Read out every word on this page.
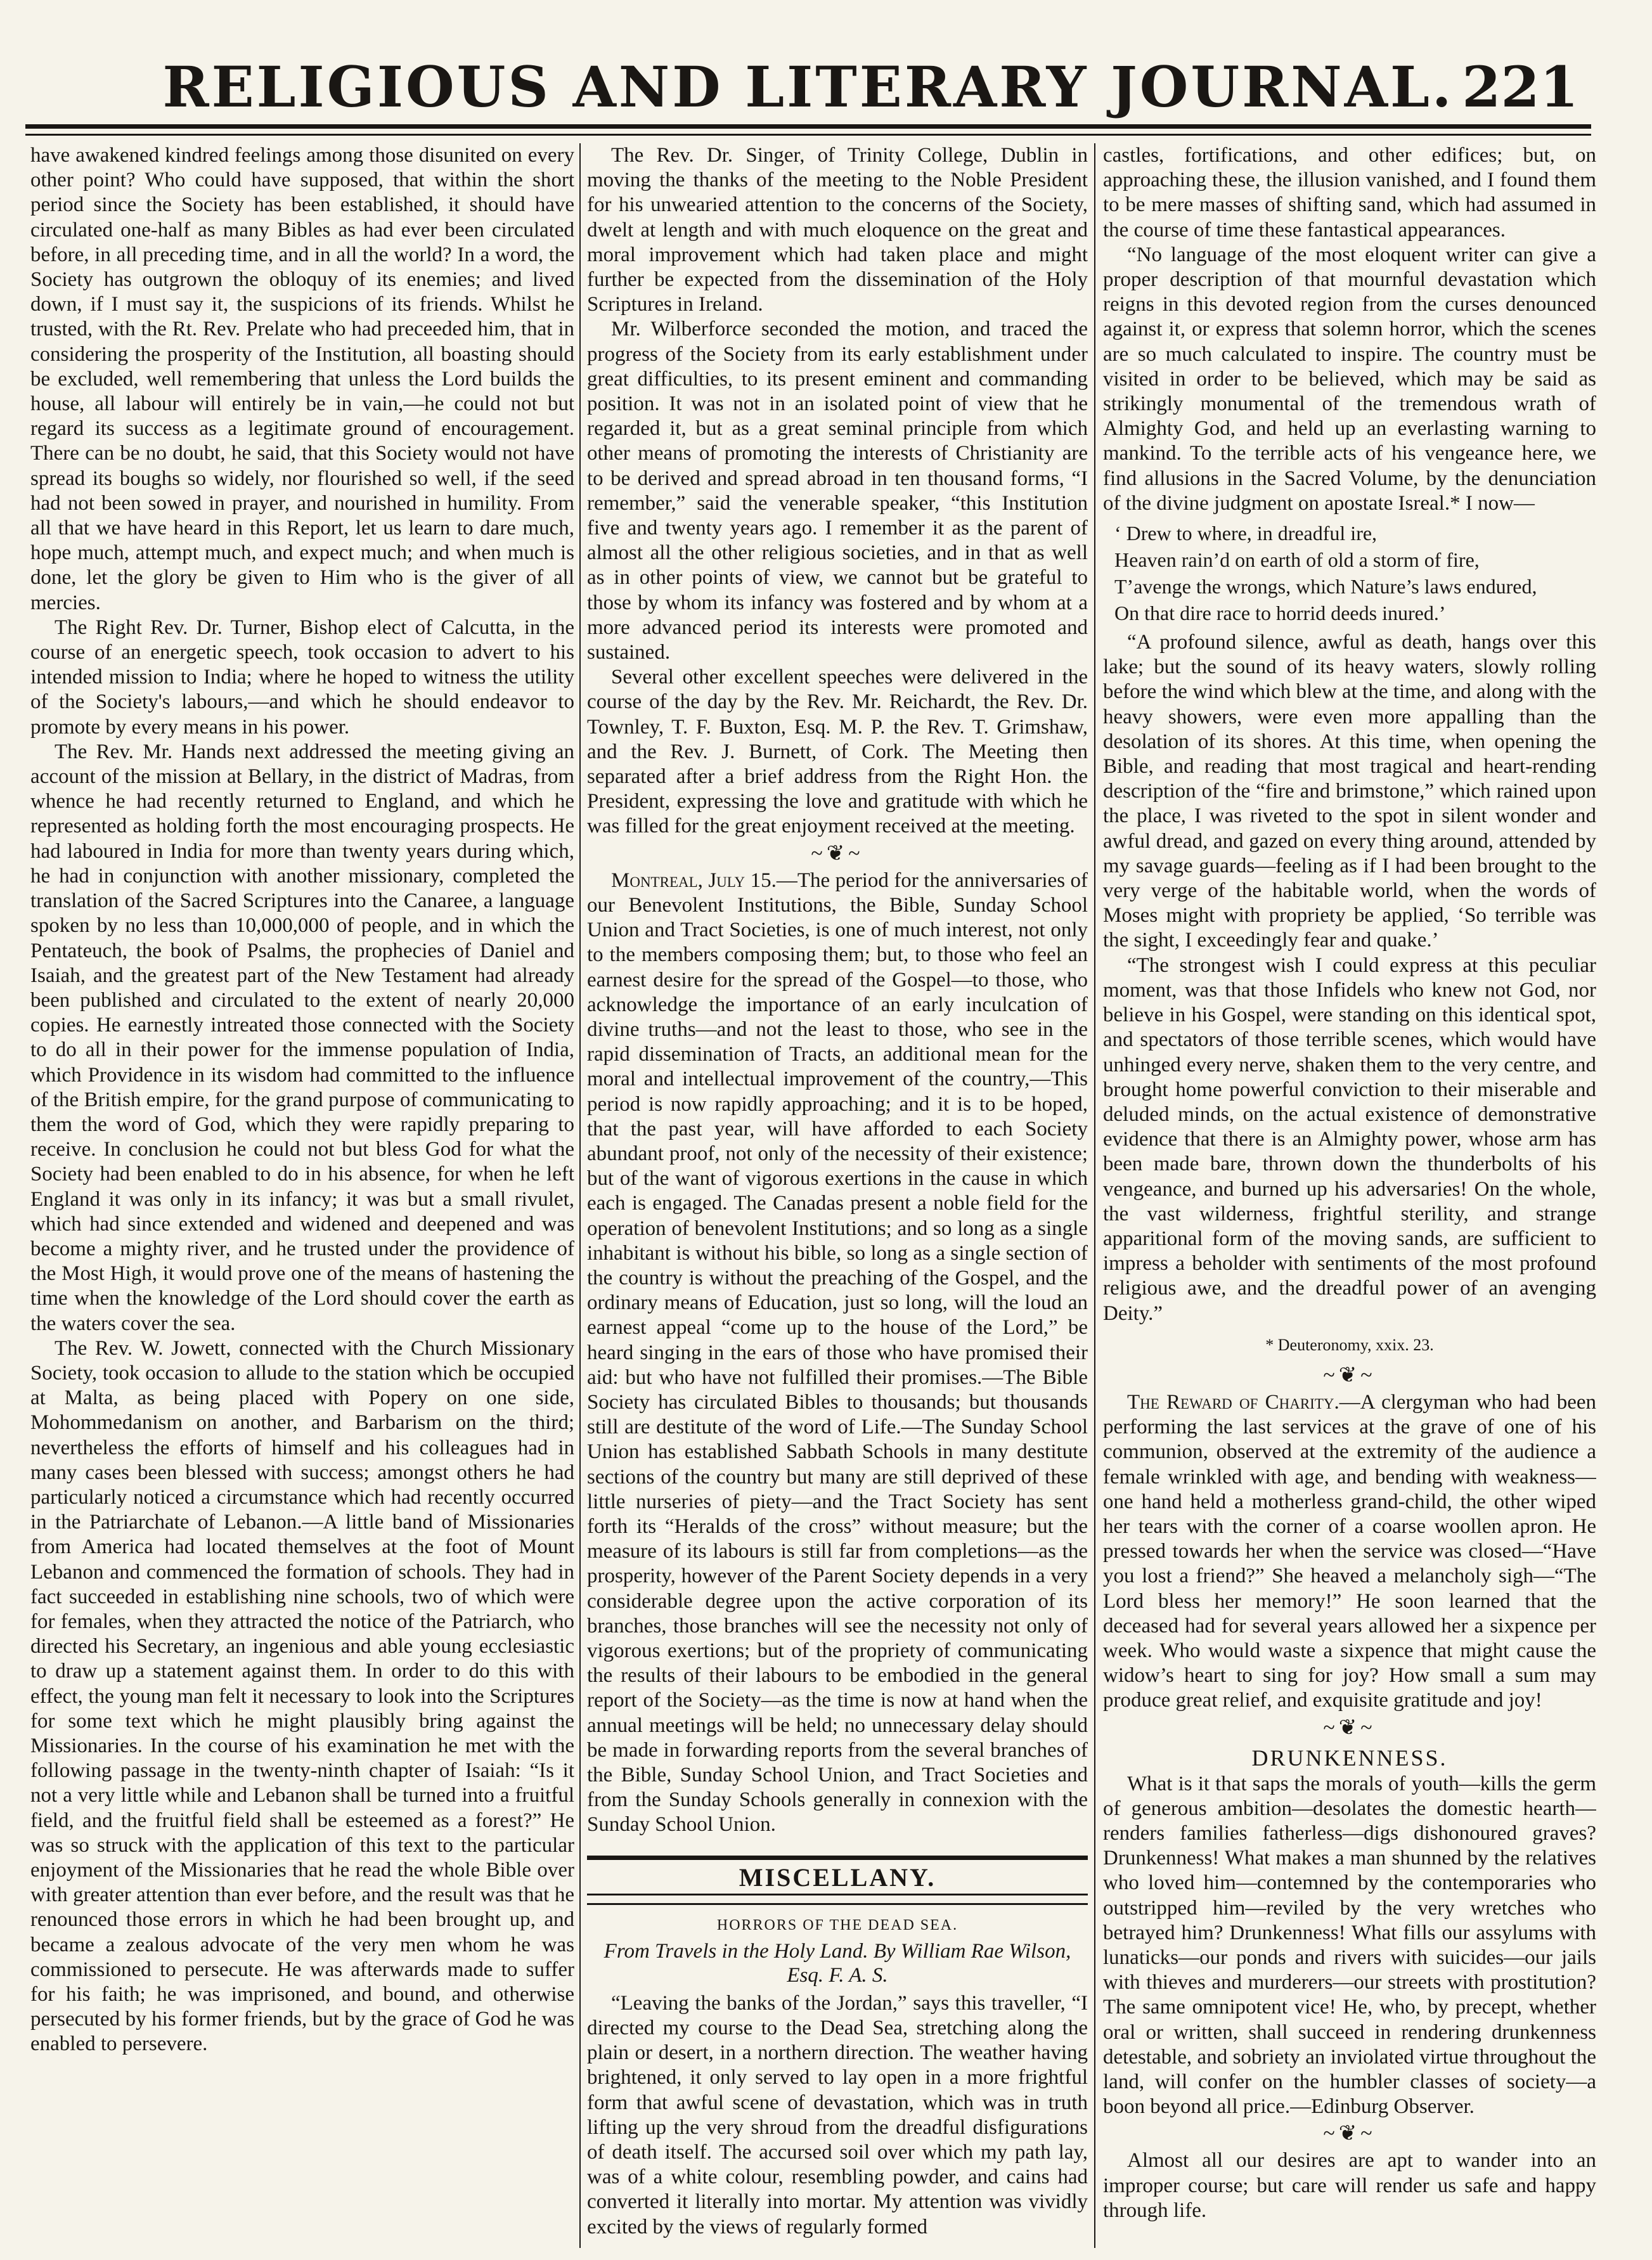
RELIGIOUS AND LITERARY JOURNAL. 221

have awakened kindred feelings among those disunited on every other point? Who could have supposed, that within the short period since the Society has been established, it should have circulated one-half as many Bibles as had ever been circulated before, in all preceding time, and in all the world? In a word, the Society has outgrown the obloquy of its enemies; and lived down, if I must say it, the suspicions of its friends. Whilst he trusted, with the Rt. Rev. Prelate who had preceeded him, that in considering the prosperity of the Institution, all boasting should be excluded, well remembering that unless the Lord builds the house, all labour will entirely be in vain,—he could not but regard its success as a legitimate ground of encouragement. There can be no doubt, he said, that this Society would not have spread its boughs so widely, nor flourished so well, if the seed had not been sowed in prayer, and nourished in humility. From all that we have heard in this Report, let us learn to dare much, hope much, attempt much, and expect much; and when much is done, let the glory be given to Him who is the giver of all mercies.

The Right Rev. Dr. Turner, Bishop elect of Calcutta, in the course of an energetic speech, took occasion to advert to his intended mission to India; where he hoped to witness the utility of the Society's labours,—and which he should endeavor to promote by every means in his power.

The Rev. Mr. Hands next addressed the meeting giving an account of the mission at Bellary, in the district of Madras, from whence he had recently returned to England, and which he represented as holding forth the most encouraging prospects. He had laboured in India for more than twenty years during which, he had in conjunction with another missionary, completed the translation of the Sacred Scriptures into the Canaree, a language spoken by no less than 10,000,000 of people, and in which the Pentateuch, the book of Psalms, the prophecies of Daniel and Isaiah, and the greatest part of the New Testament had already been published and circulated to the extent of nearly 20,000 copies. He earnestly intreated those connected with the Society to do all in their power for the immense population of India, which Providence in its wisdom had committed to the influence of the British empire, for the grand purpose of communicating to them the word of God, which they were rapidly preparing to receive. In conclusion he could not but bless God for what the Society had been enabled to do in his absence, for when he left England it was only in its infancy; it was but a small rivulet, which had since extended and widened and deepened and was become a mighty river, and he trusted under the providence of the Most High, it would prove one of the means of hastening the time when the knowledge of the Lord should cover the earth as the waters cover the sea.

The Rev. W. Jowett, connected with the Church Missionary Society, took occasion to allude to the station which be occupied at Malta, as being placed with Popery on one side, Mohommedanism on another, and Barbarism on the third; nevertheless the efforts of himself and his colleagues had in many cases been blessed with success; amongst others he had particularly noticed a circumstance which had recently occurred in the Patriarchate of Lebanon.—A little band of Missionaries from America had located themselves at the foot of Mount Lebanon and commenced the formation of schools. They had in fact succeeded in establishing nine schools, two of which were for females, when they attracted the notice of the Patriarch, who directed his Secretary, an ingenious and able young ecclesiastic to draw up a statement against them. In order to do this with effect, the young man felt it necessary to look into the Scriptures for some text which he might plausibly bring against the Missionaries. In the course of his examination he met with the following passage in the twenty-ninth chapter of Isaiah: “Is it not a very little while and Lebanon shall be turned into a fruitful field, and the fruitful field shall be esteemed as a forest?” He was so struck with the application of this text to the particular enjoyment of the Missionaries that he read the whole Bible over with greater attention than ever before, and the result was that he renounced those errors in which he had been brought up, and became a zealous advocate of the very men whom he was commissioned to persecute. He was afterwards made to suffer for his faith; he was imprisoned, and bound, and otherwise persecuted by his former friends, but by the grace of God he was enabled to persevere.

The Rev. Dr. Singer, of Trinity College, Dublin in moving the thanks of the meeting to the Noble President for his unwearied attention to the concerns of the Society, dwelt at length and with much eloquence on the great and moral improvement which had taken place and might further be expected from the dissemination of the Holy Scriptures in Ireland.

Mr. Wilberforce seconded the motion, and traced the progress of the Society from its early establishment under great difficulties, to its present eminent and commanding position. It was not in an isolated point of view that he regarded it, but as a great seminal principle from which other means of promoting the interests of Christianity are to be derived and spread abroad in ten thousand forms, “I remember,” said the venerable speaker, “this Institution five and twenty years ago. I remember it as the parent of almost all the other religious societies, and in that as well as in other points of view, we cannot but be grateful to those by whom its infancy was fostered and by whom at a more advanced period its interests were promoted and sustained.

Several other excellent speeches were delivered in the course of the day by the Rev. Mr. Reichardt, the Rev. Dr. Townley, T. F. Buxton, Esq. M. P. the Rev. T. Grimshaw, and the Rev. J. Burnett, of Cork. The Meeting then separated after a brief address from the Right Hon. the President, expressing the love and gratitude with which he was filled for the great enjoyment received at the meeting.

~❦~

Montreal, July 15.—The period for the anniversaries of our Benevolent Institutions, the Bible, Sunday School Union and Tract Societies, is one of much interest, not only to the members composing them; but, to those who feel an earnest desire for the spread of the Gospel—to those, who acknowledge the importance of an early inculcation of divine truths—and not the least to those, who see in the rapid dissemination of Tracts, an additional mean for the moral and intellectual improvement of the country,—This period is now rapidly approaching; and it is to be hoped, that the past year, will have afforded to each Society abundant proof, not only of the necessity of their existence; but of the want of vigorous exertions in the cause in which each is engaged. The Canadas present a noble field for the operation of benevolent Institutions; and so long as a single inhabitant is without his bible, so long as a single section of the country is without the preaching of the Gospel, and the ordinary means of Education, just so long, will the loud an earnest appeal “come up to the house of the Lord,” be heard singing in the ears of those who have promised their aid: but who have not fulfilled their promises.—The Bible Society has circulated Bibles to thousands; but thousands still are destitute of the word of Life.—The Sunday School Union has established Sabbath Schools in many destitute sections of the country but many are still deprived of these little nurseries of piety—and the Tract Society has sent forth its “Heralds of the cross” without measure; but the measure of its labours is still far from completions—as the prosperity, however of the Parent Society depends in a very considerable degree upon the active corporation of its branches, those branches will see the necessity not only of vigorous exertions; but of the propriety of communicating the results of their labours to be embodied in the general report of the Society—as the time is now at hand when the annual meetings will be held; no unnecessary delay should be made in forwarding reports from the several branches of the Bible, Sunday School Union, and Tract Societies and from the Sunday Schools generally in connexion with the Sunday School Union.

MISCELLANY.
HORRORS OF THE DEAD SEA.
From Travels in the Holy Land. By William Rae Wilson, Esq. F. A. S.

“Leaving the banks of the Jordan,” says this traveller, “I directed my course to the Dead Sea, stretching along the plain or desert, in a northern direction. The weather having brightened, it only served to lay open in a more frightful form that awful scene of devastation, which was in truth lifting up the very shroud from the dreadful disfigurations of death itself. The accursed soil over which my path lay, was of a white colour, resembling powder, and cains had converted it literally into mortar. My attention was vividly excited by the views of regularly formed

castles, fortifications, and other edifices; but, on approaching these, the illusion vanished, and I found them to be mere masses of shifting sand, which had assumed in the course of time these fantastical appearances.

“No language of the most eloquent writer can give a proper description of that mournful devastation which reigns in this devoted region from the curses denounced against it, or express that solemn horror, which the scenes are so much calculated to inspire. The country must be visited in order to be believed, which may be said as strikingly monumental of the tremendous wrath of Almighty God, and held up an everlasting warning to mankind. To the terrible acts of his vengeance here, we find allusions in the Sacred Volume, by the denunciation of the divine judgment on apostate Isreal.* I now—

‘ Drew to where, in dreadful ire,
Heaven rain’d on earth of old a storm of fire,
T’avenge the wrongs, which Nature’s laws endured,
On that dire race to horrid deeds inured.’

“A profound silence, awful as death, hangs over this lake; but the sound of its heavy waters, slowly rolling before the wind which blew at the time, and along with the heavy showers, were even more appalling than the desolation of its shores. At this time, when opening the Bible, and reading that most tragical and heart-rending description of the “fire and brimstone,” which rained upon the place, I was riveted to the spot in silent wonder and awful dread, and gazed on every thing around, attended by my savage guards—feeling as if I had been brought to the very verge of the habitable world, when the words of Moses might with propriety be applied, ‘So terrible was the sight, I exceedingly fear and quake.’

“The strongest wish I could express at this peculiar moment, was that those Infidels who knew not God, nor believe in his Gospel, were standing on this identical spot, and spectators of those terrible scenes, which would have unhinged every nerve, shaken them to the very centre, and brought home powerful conviction to their miserable and deluded minds, on the actual existence of demonstrative evidence that there is an Almighty power, whose arm has been made bare, thrown down the thunderbolts of his vengeance, and burned up his adversaries! On the whole, the vast wilderness, frightful sterility, and strange apparitional form of the moving sands, are sufficient to impress a beholder with sentiments of the most profound religious awe, and the dreadful power of an avenging Deity.”

* Deuteronomy, xxix. 23.
~❦~

The Reward of Charity.—A clergyman who had been performing the last services at the grave of one of his communion, observed at the extremity of the audience a female wrinkled with age, and bending with weakness—one hand held a motherless grand-child, the other wiped her tears with the corner of a coarse woollen apron. He pressed towards her when the service was closed—“Have you lost a friend?” She heaved a melancholy sigh—“The Lord bless her memory!” He soon learned that the deceased had for several years allowed her a sixpence per week. Who would waste a sixpence that might cause the widow’s heart to sing for joy? How small a sum may produce great relief, and exquisite gratitude and joy!

~❦~
DRUNKENNESS.

What is it that saps the morals of youth—kills the germ of generous ambition—desolates the domestic hearth—renders families fatherless—digs dishonoured graves? Drunkenness! What makes a man shunned by the relatives who loved him—contemned by the contemporaries who outstripped him—reviled by the very wretches who betrayed him? Drunkenness! What fills our assylums with lunaticks—our ponds and rivers with suicides—our jails with thieves and murderers—our streets with prostitution? The same omnipotent vice! He, who, by precept, whether oral or written, shall succeed in rendering drunkenness detestable, and sobriety an inviolated virtue throughout the land, will confer on the humbler classes of society—a boon beyond all price.—Edinburg Observer.

~❦~

Almost all our desires are apt to wander into an improper course; but care will render us safe and happy through life.
